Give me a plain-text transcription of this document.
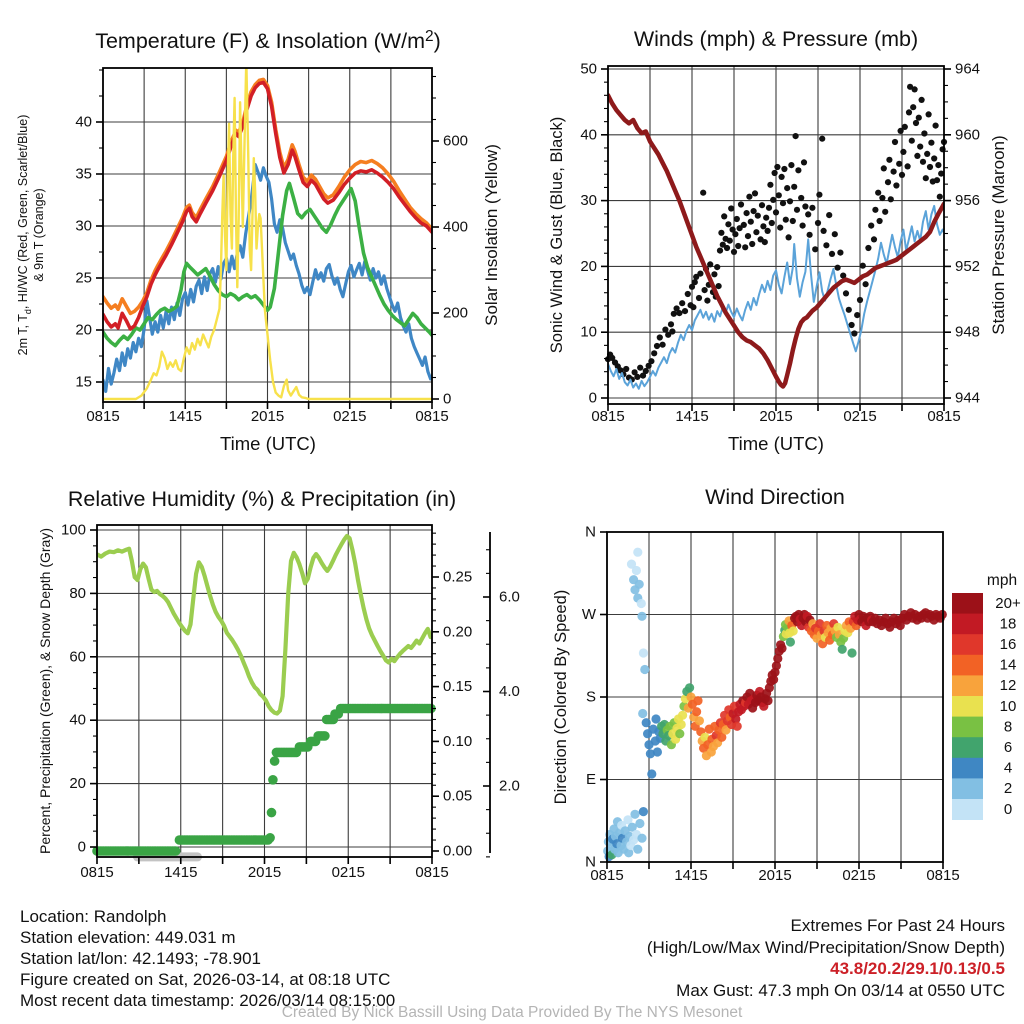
0815	1415	2015	0215	0815
Time (UTC)
15
20
25
30
35
40
0
200
400
600
Temperature (F) & Insolation $(W/m^2)$
2m T, $T_d$, HI/WC (Red, Green, Scarlet/Blue) & 9m T (Orange)	Solar Insolation (Yellow)
0815	1415	2015	0215	0815
Time (UTC)
0
10
20
30
40
50
944
948
952
956
960
964
Winds (mph) & Pressure (mb)
Sonic Wind & Gust (Blue, Black)	Station Pressure (Maroon)
0815	1415	2015	0215	0815
0
20
40
60
80
100
0.00
0.05
0.10
0.15
0.20
0.25
2.0
4.0
6.0
Relative Humidity (%) & Precipitation (in)
Percent, Precipitation (Green), & Snow Depth (Gray)
0815	1415	2015	0215	0815
N
E
S
W
N
Wind Direction
Direction (Colored By Speed)
mph
20+
18
16
14
12
10
8
6
4
2
0
Location: Randolph
Station elevation: 449.031 m
Station lat/lon: 42.1493; -78.901
Figure created on Sat, 2026-03-14, at 08:18 UTC
Most recent data timestamp: 2026/03/14 08:15:00
Extremes For Past 24 Hours
(High/Low/Max Wind/Precipitation/Snow Depth)
43.8/20.2/29.1/0.13/0.5
Max Gust: 47.3 mph On 03/14 at 0550 UTC
Created By Nick Bassill Using Data Provided By The NYS Mesonet
